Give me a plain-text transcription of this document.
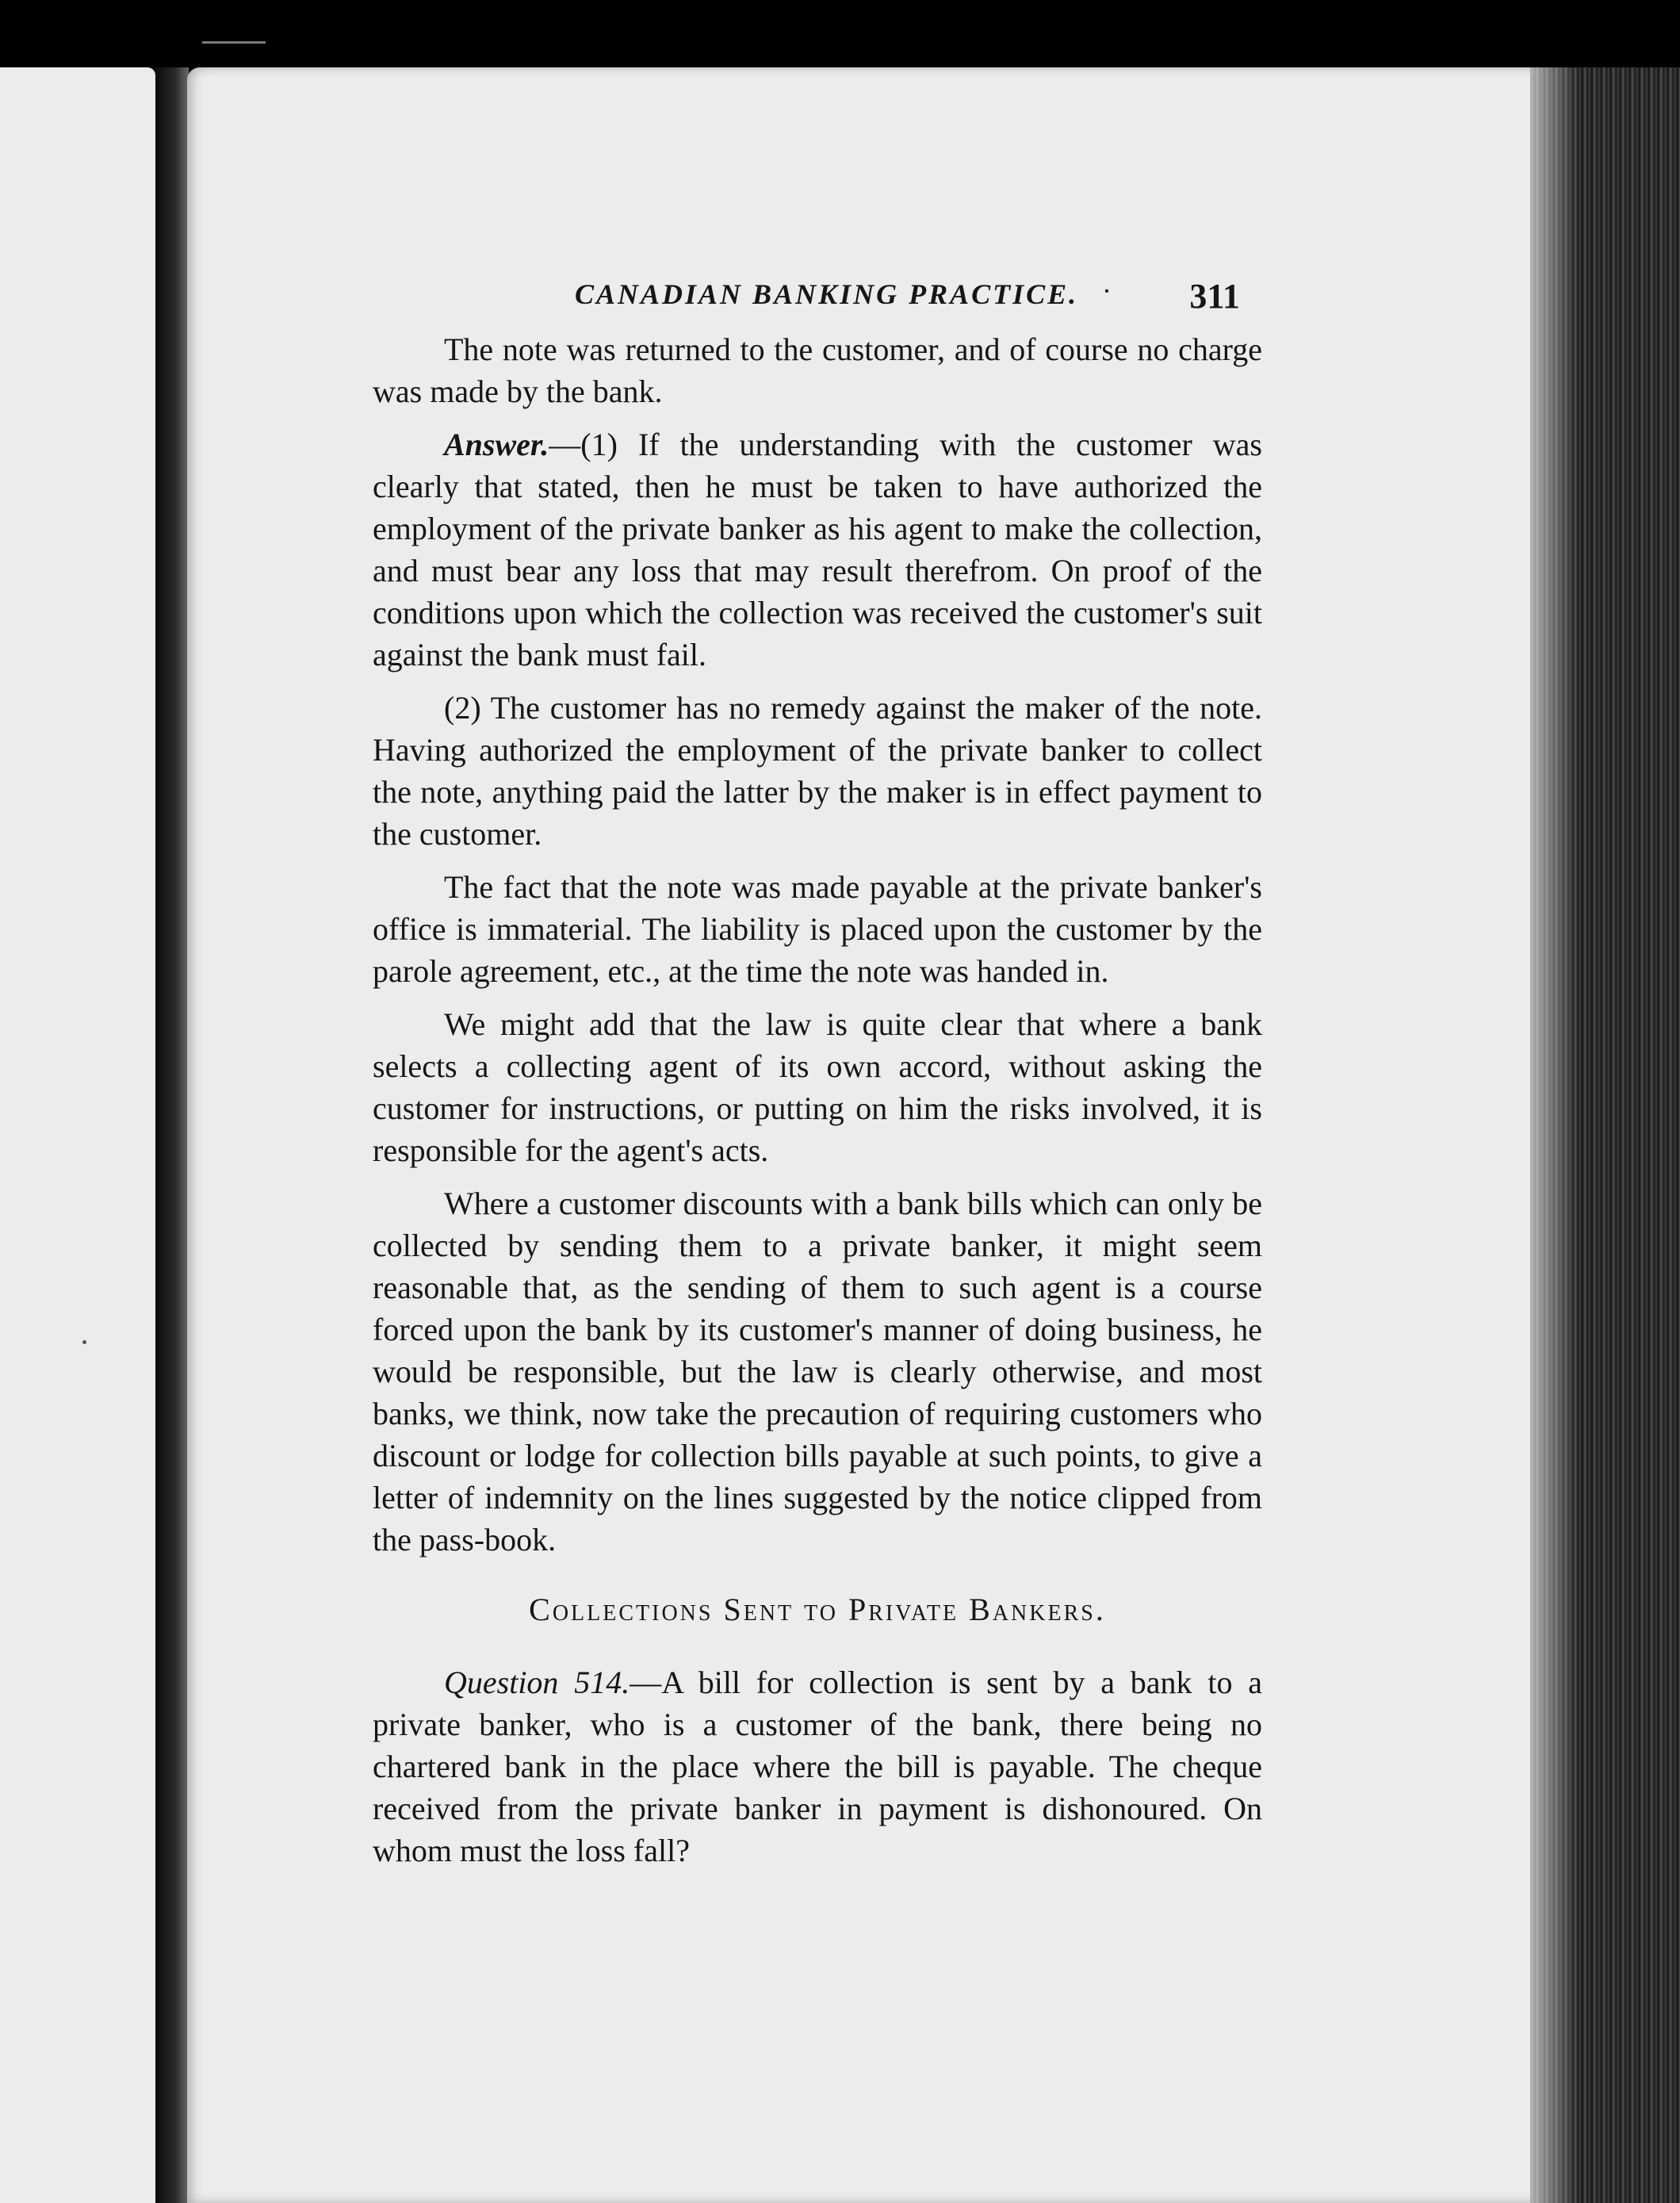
CANADIAN BANKING PRACTICE. · 311

The note was returned to the customer, and of course no charge was made by the bank.

Answer.—(1) If the understanding with the customer was clearly that stated, then he must be taken to have authorized the employment of the private banker as his agent to make the collection, and must bear any loss that may result therefrom. On proof of the conditions upon which the collection was received the customer's suit against the bank must fail.

(2) The customer has no remedy against the maker of the note. Having authorized the employment of the private banker to collect the note, anything paid the latter by the maker is in effect payment to the customer.

The fact that the note was made payable at the private banker's office is immaterial. The liability is placed upon the customer by the parole agreement, etc., at the time the note was handed in.

We might add that the law is quite clear that where a bank selects a collecting agent of its own accord, without asking the customer for instructions, or putting on him the risks involved, it is responsible for the agent's acts.

Where a customer discounts with a bank bills which can only be collected by sending them to a private banker, it might seem reasonable that, as the sending of them to such agent is a course forced upon the bank by its customer's manner of doing business, he would be responsible, but the law is clearly otherwise, and most banks, we think, now take the precaution of requiring customers who discount or lodge for collection bills payable at such points, to give a letter of indemnity on the lines suggested by the notice clipped from the pass-book.

Collections Sent to Private Bankers.

Question 514.—A bill for collection is sent by a bank to a private banker, who is a customer of the bank, there being no chartered bank in the place where the bill is payable. The cheque received from the private banker in payment is dishonoured. On whom must the loss fall?
